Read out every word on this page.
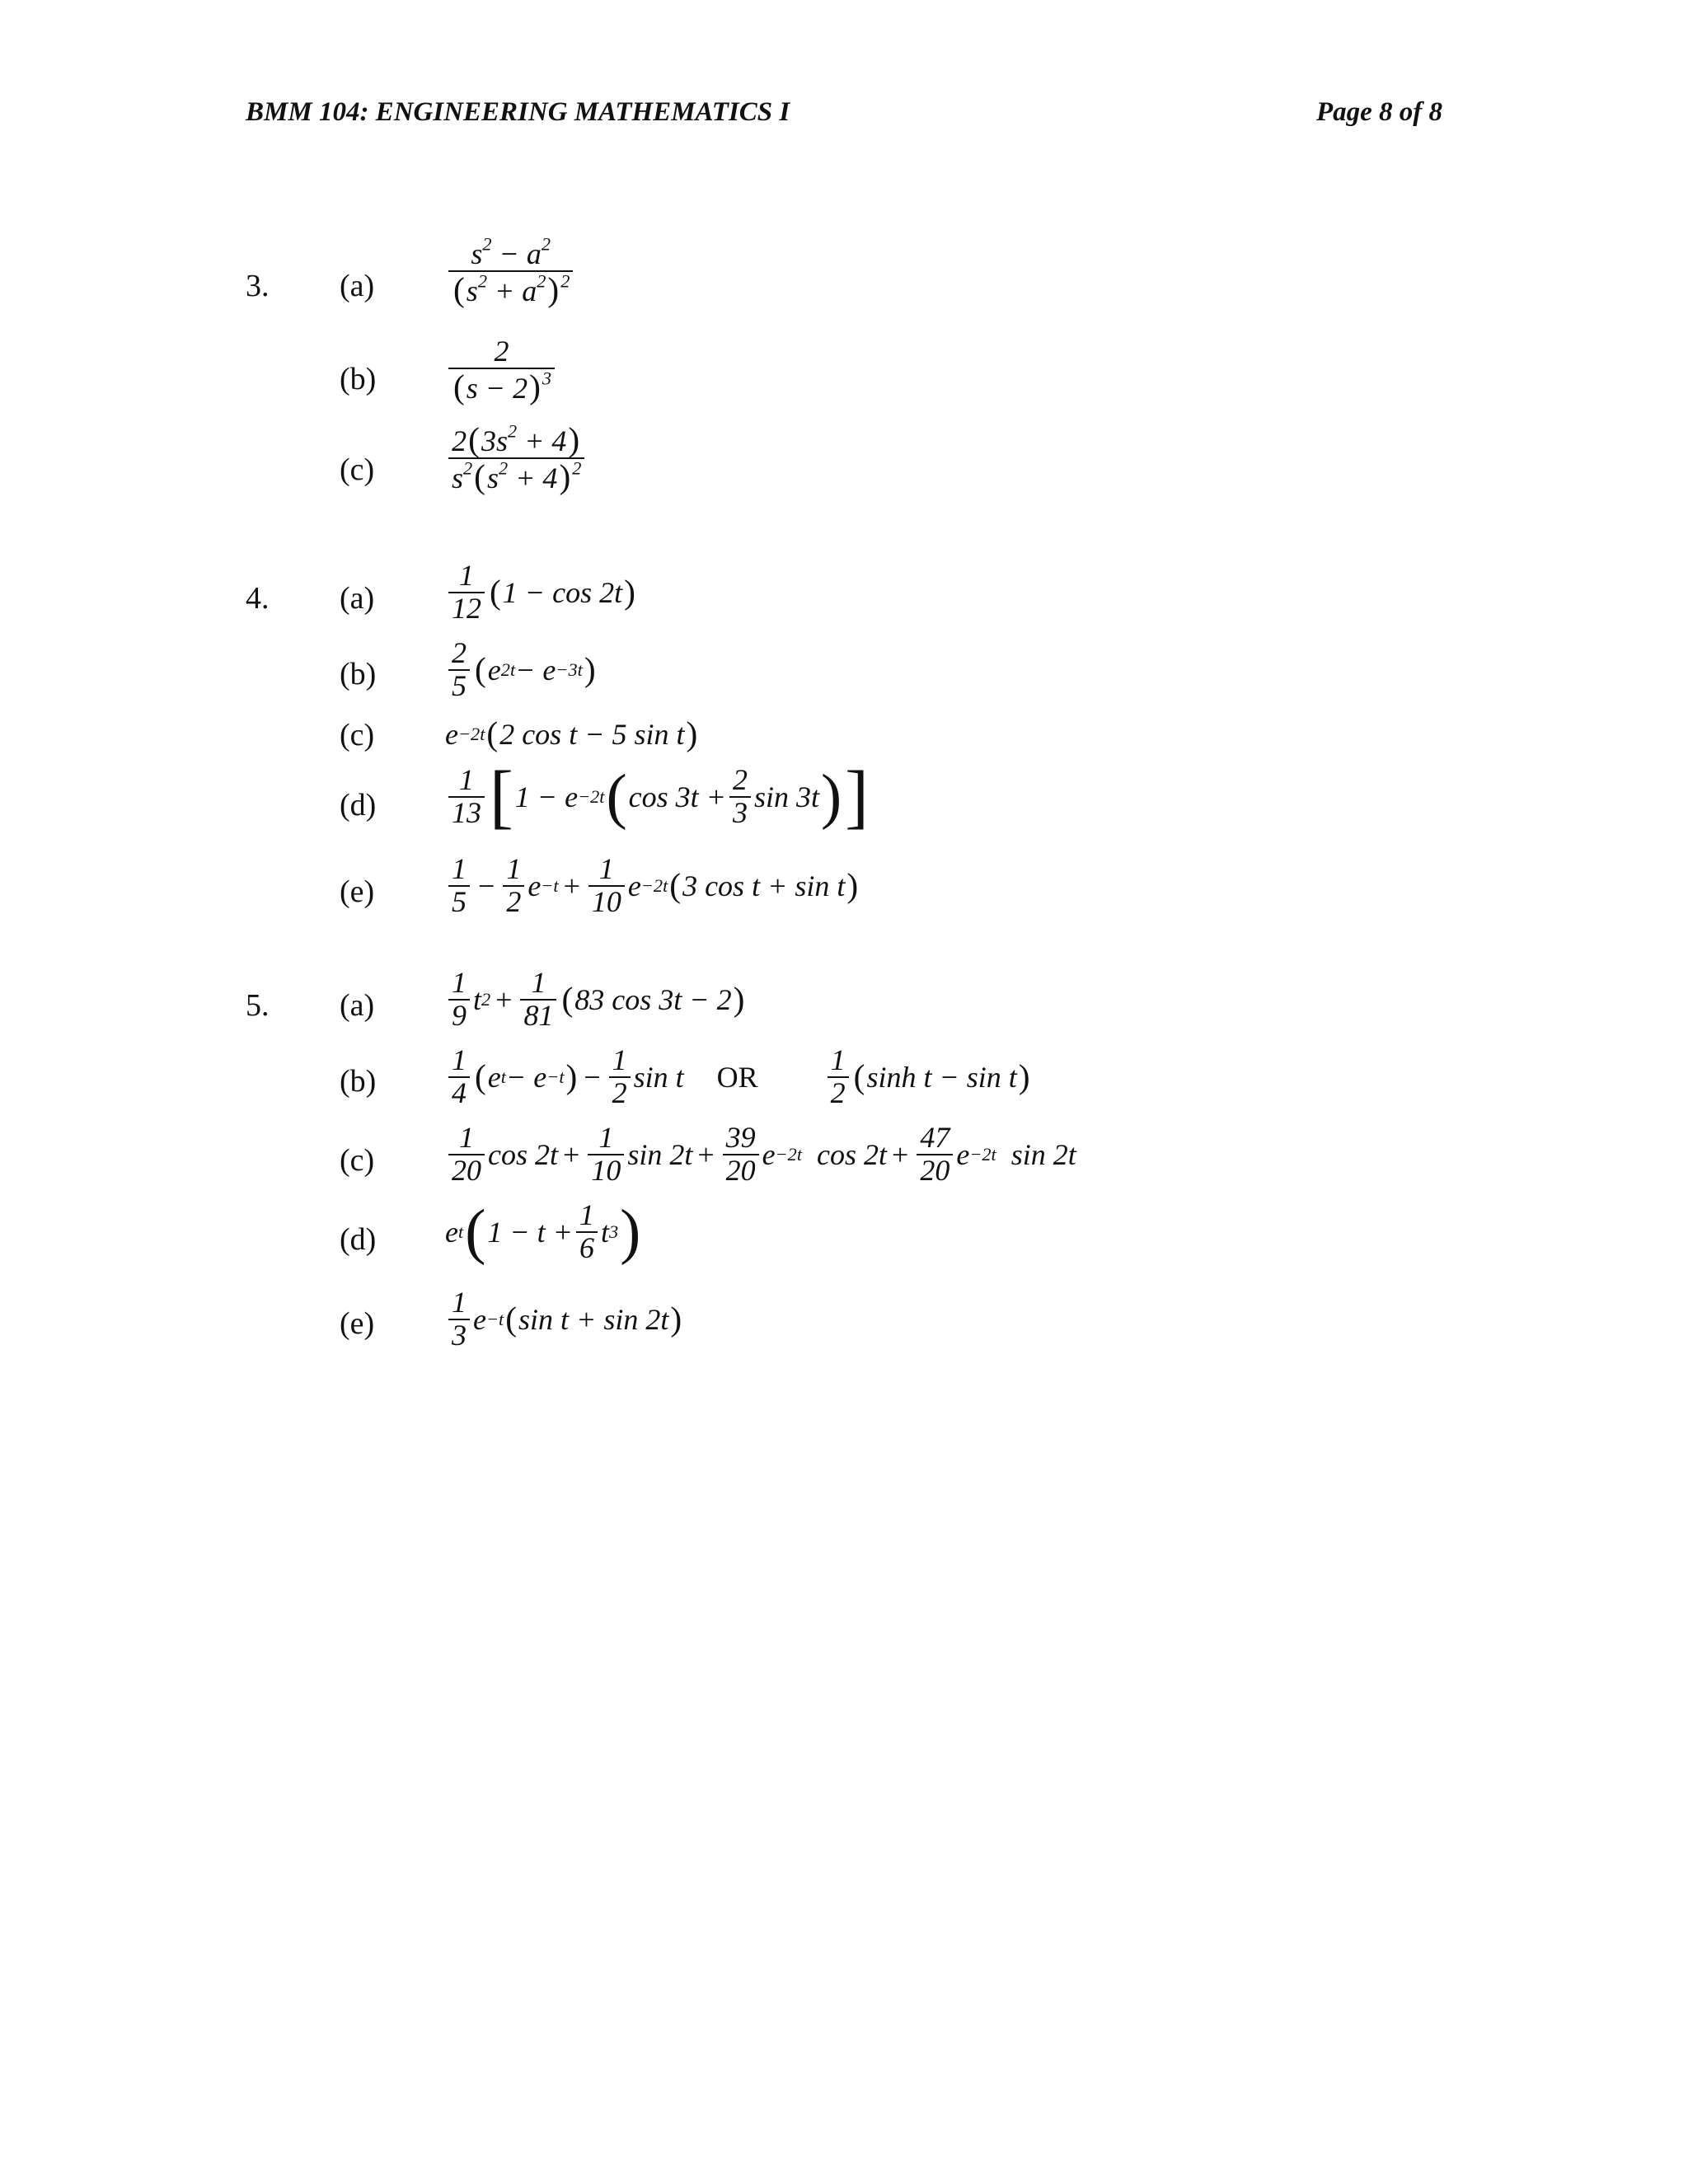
BMM 104: ENGINEERING MATHEMATICS I	Page 8 of 8
3. $(a) \frac{s^2 - a^2}{(s^2 + a^2)^2}$
$(b) \frac{2}{(s - 2)^3}$
$(c) \frac{2(3s^2 + 4)}{s^2(s^2 + 4)^2}$
4. $(a) \frac{1}{12}$ ( 1 − cos 2t )
$(b) \frac{2}{5}$ ( e 2t − e −3t )
(c) e −2t ( 2 cos t − 5 sin t )
$(d) \frac{1}{13}$ [ 1 − e −2t ( $\cos 3t + \frac{2}{3}$ sin 3t ) ]
$(e) \frac{1}{5} - \frac{1}{2}$ $e -t + \frac{1}{10}$ e −2t ( 3 cos t + sin t )
5. $(a) \frac{1}{9}$ t $2 + \frac{1}{81}$ ( 83 cos 3t − 2 )
$(b) \frac{1}{4}$ ( e t − e −t ) − $\frac{1}{2}$ sin t OR $\frac{1}{2}$ ( sinh t − sin t )
$(c) \frac{1}{20}$ $\cos 2t + \frac{1}{10}$ $\sin 2t + \frac{39}{20}$ e −2t $\cos 2t + \frac{47}{20}$ e −2t sin 2t
(d) e t ( $1 - t + \frac{1}{6}$ t 3 )
$(e) \frac{1}{3}$ e −t ( sin t + sin 2t )
